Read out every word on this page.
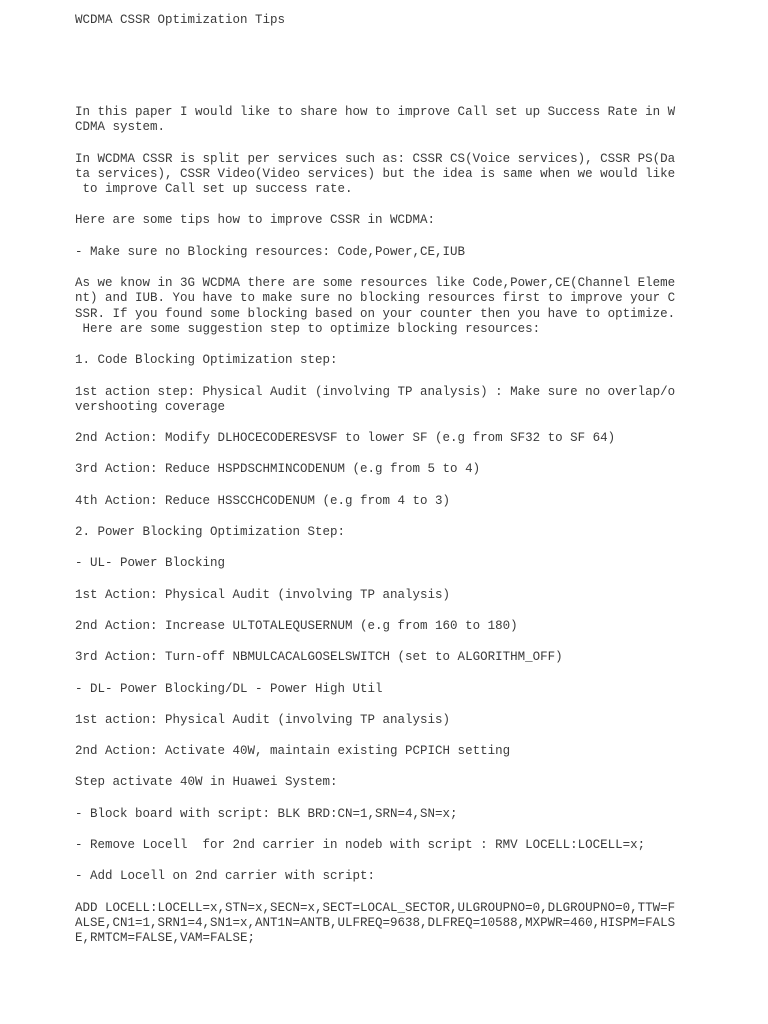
WCDMA CSSR Optimization Tips
In this paper I would like to share how to improve Call set up Success Rate in W
CDMA system.
In WCDMA CSSR is split per services such as: CSSR CS(Voice services), CSSR PS(Da
ta services), CSSR Video(Video services) but the idea is same when we would like
to improve Call set up success rate.
Here are some tips how to improve CSSR in WCDMA:
- Make sure no Blocking resources: Code,Power,CE,IUB
As we know in 3G WCDMA there are some resources like Code,Power,CE(Channel Eleme
nt) and IUB. You have to make sure no blocking resources first to improve your C
SSR. If you found some blocking based on your counter then you have to optimize.
Here are some suggestion step to optimize blocking resources:
1. Code Blocking Optimization step:
1st action step: Physical Audit (involving TP analysis) : Make sure no overlap/o
vershooting coverage
2nd Action: Modify DLHOCECODERESVSF to lower SF (e.g from SF32 to SF 64)
3rd Action: Reduce HSPDSCHMINCODENUM (e.g from 5 to 4)
4th Action: Reduce HSSCCHCODENUM (e.g from 4 to 3)
2. Power Blocking Optimization Step:
- UL- Power Blocking
1st Action: Physical Audit (involving TP analysis)
2nd Action: Increase ULTOTALEQUSERNUM (e.g from 160 to 180)
3rd Action: Turn-off NBMULCACALGOSELSWITCH (set to ALGORITHM_OFF)
- DL- Power Blocking/DL - Power High Util
1st action: Physical Audit (involving TP analysis)
2nd Action: Activate 40W, maintain existing PCPICH setting
Step activate 40W in Huawei System:
- Block board with script: BLK BRD:CN=1,SRN=4,SN=x;
- Remove Locell  for 2nd carrier in nodeb with script : RMV LOCELL:LOCELL=x;
- Add Locell on 2nd carrier with script:
ADD LOCELL:LOCELL=x,STN=x,SECN=x,SECT=LOCAL_SECTOR,ULGROUPNO=0,DLGROUPNO=0,TTW=F
ALSE,CN1=1,SRN1=4,SN1=x,ANT1N=ANTB,ULFREQ=9638,DLFREQ=10588,MXPWR=460,HISPM=FALS
E,RMTCM=FALSE,VAM=FALSE;
